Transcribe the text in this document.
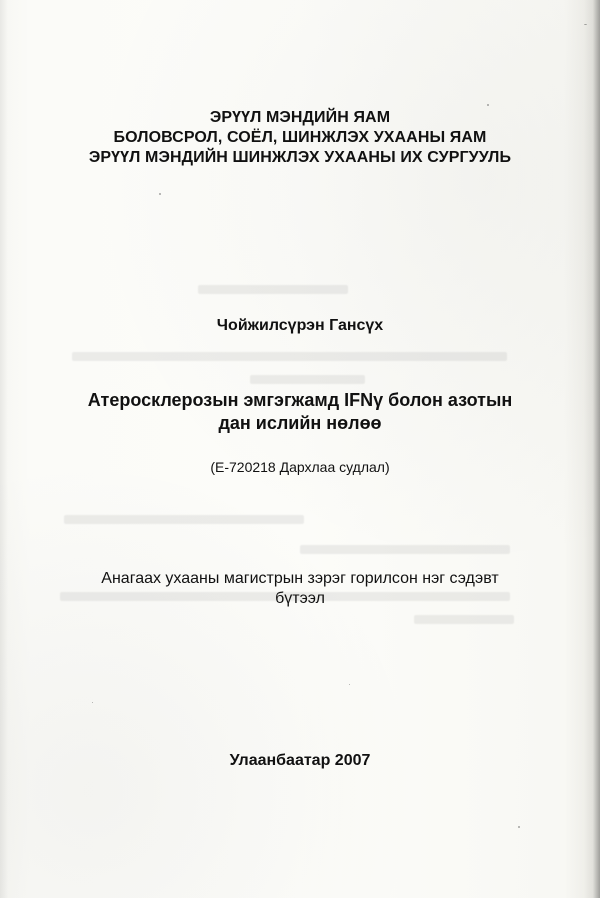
ЭРҮҮЛ МЭНДИЙН ЯАМ
БОЛОВСРОЛ, СОЁЛ, ШИНЖЛЭХ УХААНЫ ЯАМ
ЭРҮҮЛ МЭНДИЙН ШИНЖЛЭХ УХААНЫ ИХ СУРГУУЛЬ
Чойжилсүрэн Гансүх
Атеросклерозын эмгэгжамд IFNγ болон азотын
дан ислийн нөлөө
(E-720218 Дархлаа судлал)
Анагаах ухааны магистрын зэрэг горилсон нэг сэдэвт
бүтээл
Улаанбаатар 2007
